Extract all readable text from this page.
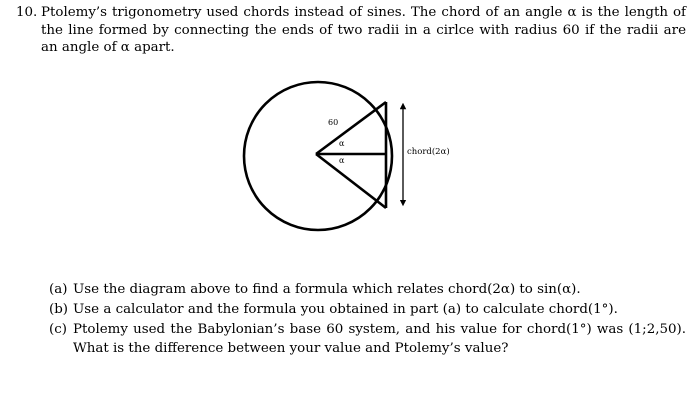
10. Ptolemy’s trigonometry used chords instead of sines. The chord of an angle α is the length of the line formed by connecting the ends of two radii in a cirlce with radius 60 if the radii are an angle of α apart.
60
α
α
chord(2α)
(a) Use the diagram above to find a formula which relates chord(2α) to sin(α).
(b) Use a calculator and the formula you obtained in part (a) to calculate chord(1°).
(c) Ptolemy used the Babylonian’s base 60 system, and his value for chord(1°) was (1;2,50). What is the difference between your value and Ptolemy’s value?
